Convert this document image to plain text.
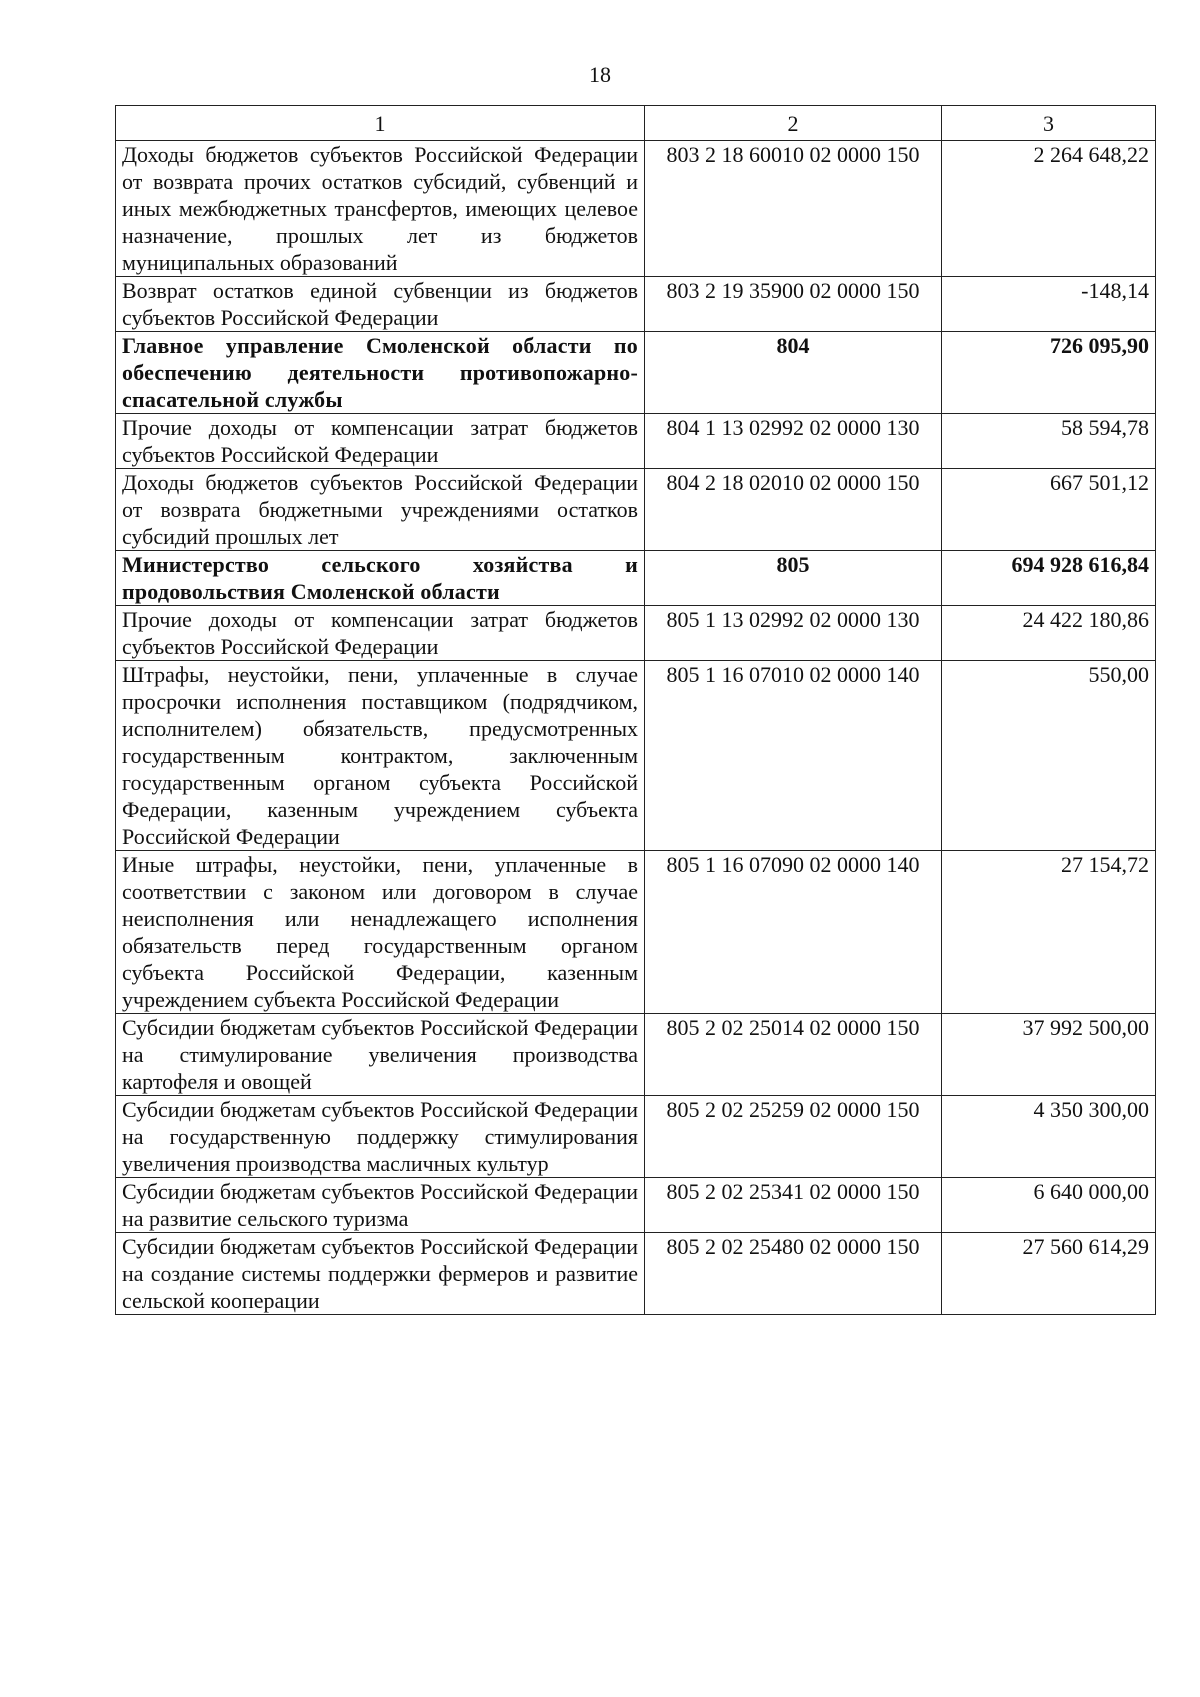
18
1	2	3
Доходы бюджетов субъектов Российской Федерации от возврата прочих остатков субсидий, субвенций и иных межбюджетных трансфертов, имеющих целевое назначение, прошлых лет из бюджетов муниципальных образований	803 2 18 60010 02 0000 150	2 264 648,22
Возврат остатков единой субвенции из бюджетов субъектов Российской Федерации	803 2 19 35900 02 0000 150	-148,14
Главное управление Смоленской области по обеспечению деятельности противопожарно-спасательной службы	804	726 095,90
Прочие доходы от компенсации затрат бюджетов субъектов Российской Федерации	804 1 13 02992 02 0000 130	58 594,78
Доходы бюджетов субъектов Российской Федерации от возврата бюджетными учреждениями остатков субсидий прошлых лет	804 2 18 02010 02 0000 150	667 501,12
Министерство сельского хозяйства и продовольствия Смоленской области	805	694 928 616,84
Прочие доходы от компенсации затрат бюджетов субъектов Российской Федерации	805 1 13 02992 02 0000 130	24 422 180,86
Штрафы, неустойки, пени, уплаченные в случае просрочки исполнения поставщиком (подрядчиком, исполнителем) обязательств, предусмотренных государственным контрактом, заключенным государственным органом субъекта Российской Федерации, казенным учреждением субъекта Российской Федерации	805 1 16 07010 02 0000 140	550,00
Иные штрафы, неустойки, пени, уплаченные в соответствии с законом или договором в случае неисполнения или ненадлежащего исполнения обязательств перед государственным органом субъекта Российской Федерации, казенным учреждением субъекта Российской Федерации	805 1 16 07090 02 0000 140	27 154,72
Субсидии бюджетам субъектов Российской Федерации на стимулирование увеличения производства картофеля и овощей	805 2 02 25014 02 0000 150	37 992 500,00
Субсидии бюджетам субъектов Российской Федерации на государственную поддержку стимулирования увеличения производства масличных культур	805 2 02 25259 02 0000 150	4 350 300,00
Субсидии бюджетам субъектов Российской Федерации на развитие сельского туризма	805 2 02 25341 02 0000 150	6 640 000,00
Субсидии бюджетам субъектов Российской Федерации на создание системы поддержки фермеров и развитие сельской кооперации	805 2 02 25480 02 0000 150	27 560 614,29
